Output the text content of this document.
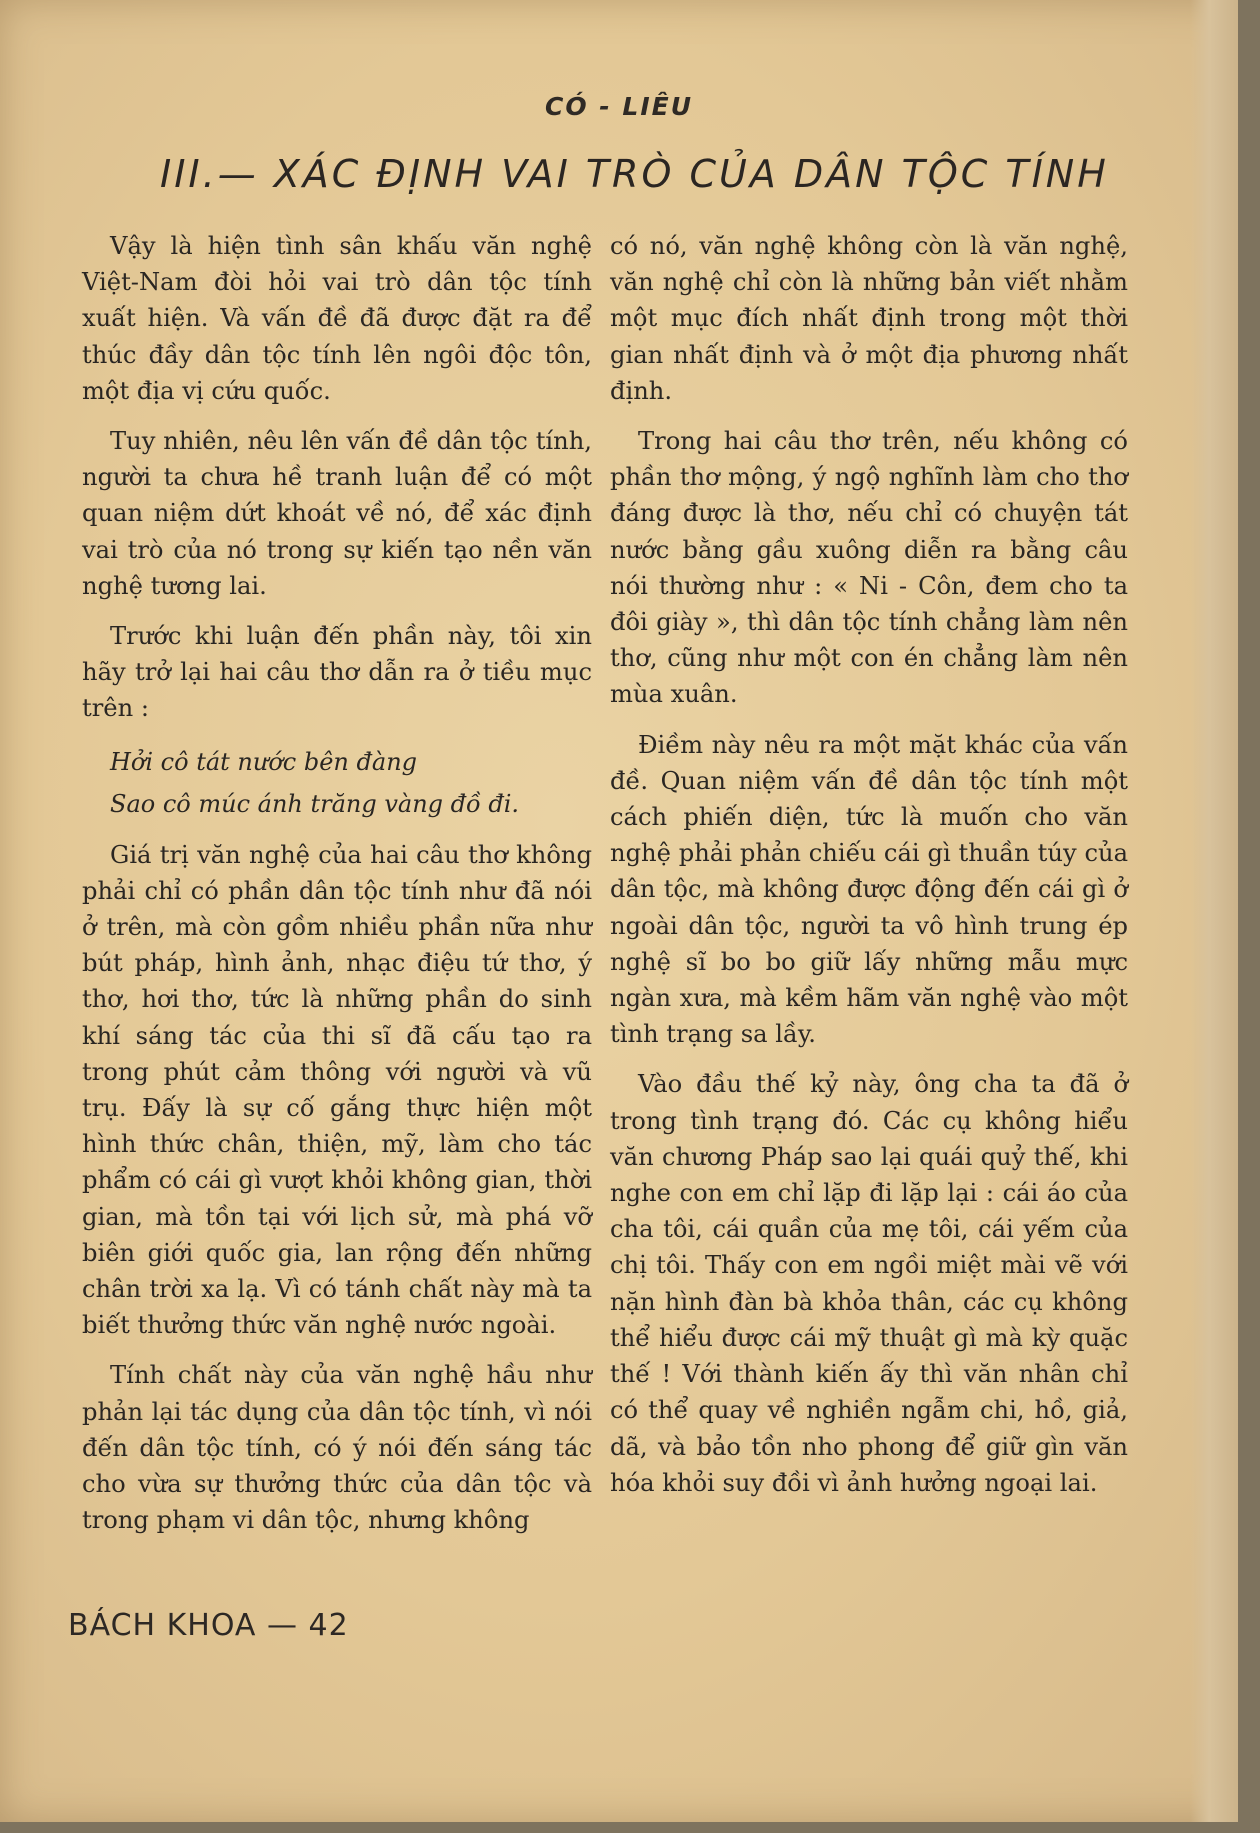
CÓ - LIÊU
III.— XÁC ĐỊNH VAI TRÒ CỦA DÂN TỘC TÍNH

Vậy là hiện tình sân khấu văn nghệ Việt-Nam đòi hỏi vai trò dân tộc tính xuất hiện. Và vấn đề đã được đặt ra để thúc đầy dân tộc tính lên ngôi độc tôn, một địa vị cứu quốc.

Tuy nhiên, nêu lên vấn đề dân tộc tính, người ta chưa hề tranh luận để có một quan niệm dứt khoát về nó, để xác định vai trò của nó trong sự kiến tạo nền văn nghệ tương lai.

Trước khi luận đến phần này, tôi xin hãy trở lại hai câu thơ dẫn ra ở tiều mục trên :

Hởi cô tát nước bên đàng

Sao cô múc ánh trăng vàng đồ đi.

Giá trị văn nghệ của hai câu thơ không phải chỉ có phần dân tộc tính như đã nói ở trên, mà còn gồm nhiều phần nữa như bút pháp, hình ảnh, nhạc điệu tứ thơ, ý thơ, hơi thơ, tức là những phần do sinh khí sáng tác của thi sĩ đã cấu tạo ra trong phút cảm thông với người và vũ trụ. Đấy là sự cố gắng thực hiện một hình thức chân, thiện, mỹ, làm cho tác phẩm có cái gì vượt khỏi không gian, thời gian, mà tồn tại với lịch sử, mà phá vỡ biên giới quốc gia, lan rộng đến những chân trời xa lạ. Vì có tánh chất này mà ta biết thưởng thức văn nghệ nước ngoài.

Tính chất này của văn nghệ hầu như phản lại tác dụng của dân tộc tính, vì nói đến dân tộc tính, có ý nói đến sáng tác cho vừa sự thưởng thức của dân tộc và trong phạm vi dân tộc, nhưng không

có nó, văn nghệ không còn là văn nghệ, văn nghệ chỉ còn là những bản viết nhằm một mục đích nhất định trong một thời gian nhất định và ở một địa phương nhất định.

Trong hai câu thơ trên, nếu không có phần thơ mộng, ý ngộ nghĩnh làm cho thơ đáng được là thơ, nếu chỉ có chuyện tát nước bằng gầu xuông diễn ra bằng câu nói thường như : « Ni - Côn, đem cho ta đôi giày », thì dân tộc tính chẳng làm nên thơ, cũng như một con én chẳng làm nên mùa xuân.

Điềm này nêu ra một mặt khác của vấn đề. Quan niệm vấn đề dân tộc tính một cách phiến diện, tức là muốn cho văn nghệ phải phản chiếu cái gì thuần túy của dân tộc, mà không được động đến cái gì ở ngoài dân tộc, người ta vô hình trung ép nghệ sĩ bo bo giữ lấy những mẫu mực ngàn xưa, mà kềm hãm văn nghệ vào một tình trạng sa lầy.

Vào đầu thế kỷ này, ông cha ta đã ở trong tình trạng đó. Các cụ không hiểu văn chương Pháp sao lại quái quỷ thế, khi nghe con em chỉ lặp đi lặp lại : cái áo của cha tôi, cái quần của mẹ tôi, cái yếm của chị tôi. Thấy con em ngồi miệt mài vẽ với nặn hình đàn bà khỏa thân, các cụ không thể hiểu được cái mỹ thuật gì mà kỳ quặc thế ! Với thành kiến ấy thì văn nhân chỉ có thể quay về nghiền ngẫm chi, hồ, giả, dã, và bảo tồn nho phong để giữ gìn văn hóa khỏi suy đồi vì ảnh hưởng ngoại lai.

BÁCH KHOA — 42
